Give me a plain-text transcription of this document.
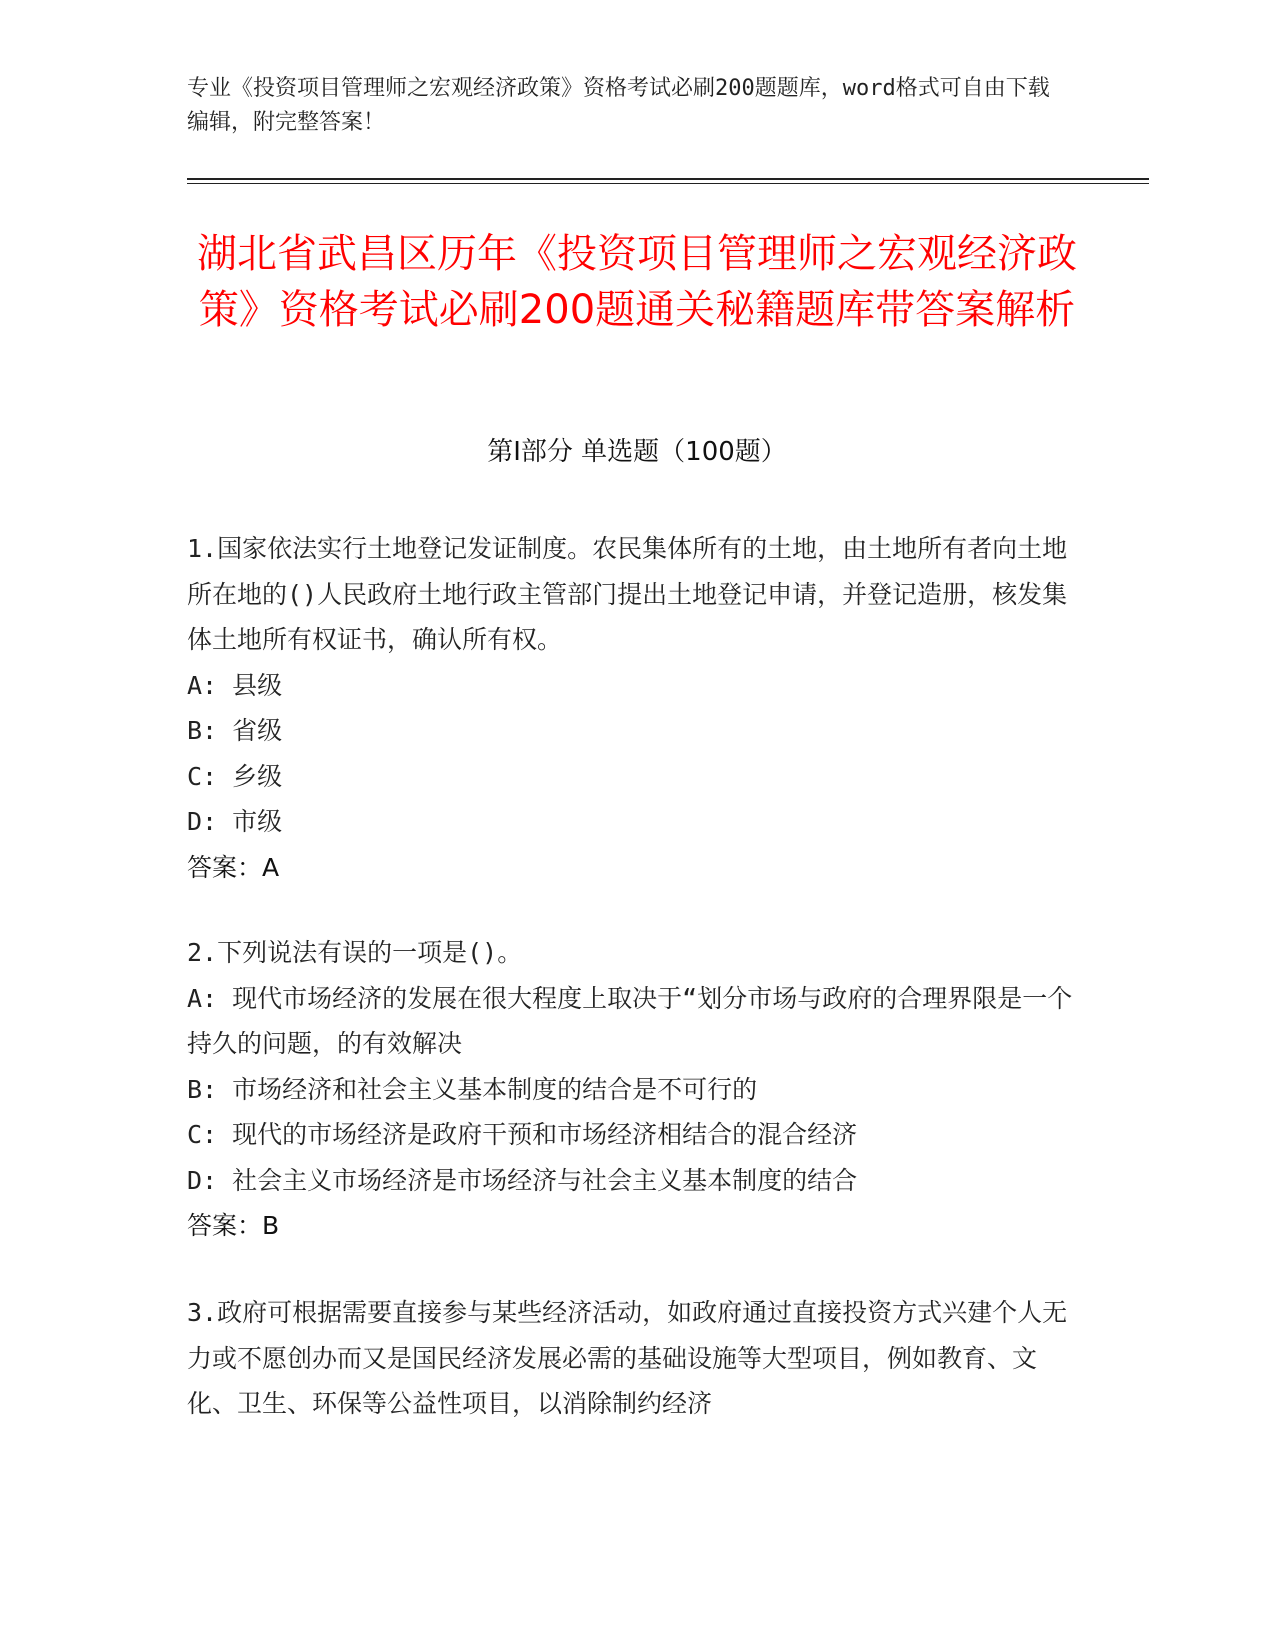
专业《投资项目管理师之宏观经济政策》资格考试必刷200题题库，word格式可自由下载编辑，附完整答案！
湖北省武昌区历年《投资项目管理师之宏观经济政策》资格考试必刷200题通关秘籍题库带答案解析
第Ⅰ部分 单选题（100题）
1.国家依法实行土地登记发证制度。农民集体所有的土地，由土地所有者向土地所在地的()人民政府土地行政主管部门提出土地登记申请，并登记造册，核发集体土地所有权证书，确认所有权。
A: 县级
B: 省级
C: 乡级
D: 市级
答案：A
2.下列说法有误的一项是()。
A: 现代市场经济的发展在很大程度上取决于“划分市场与政府的合理界限是一个持久的问题，的有效解决
B: 市场经济和社会主义基本制度的结合是不可行的
C: 现代的市场经济是政府干预和市场经济相结合的混合经济
D: 社会主义市场经济是市场经济与社会主义基本制度的结合
答案：B
3.政府可根据需要直接参与某些经济活动，如政府通过直接投资方式兴建个人无力或不愿创办而又是国民经济发展必需的基础设施等大型项目，例如教育、文化、卫生、环保等公益性项目，以消除制约经济
